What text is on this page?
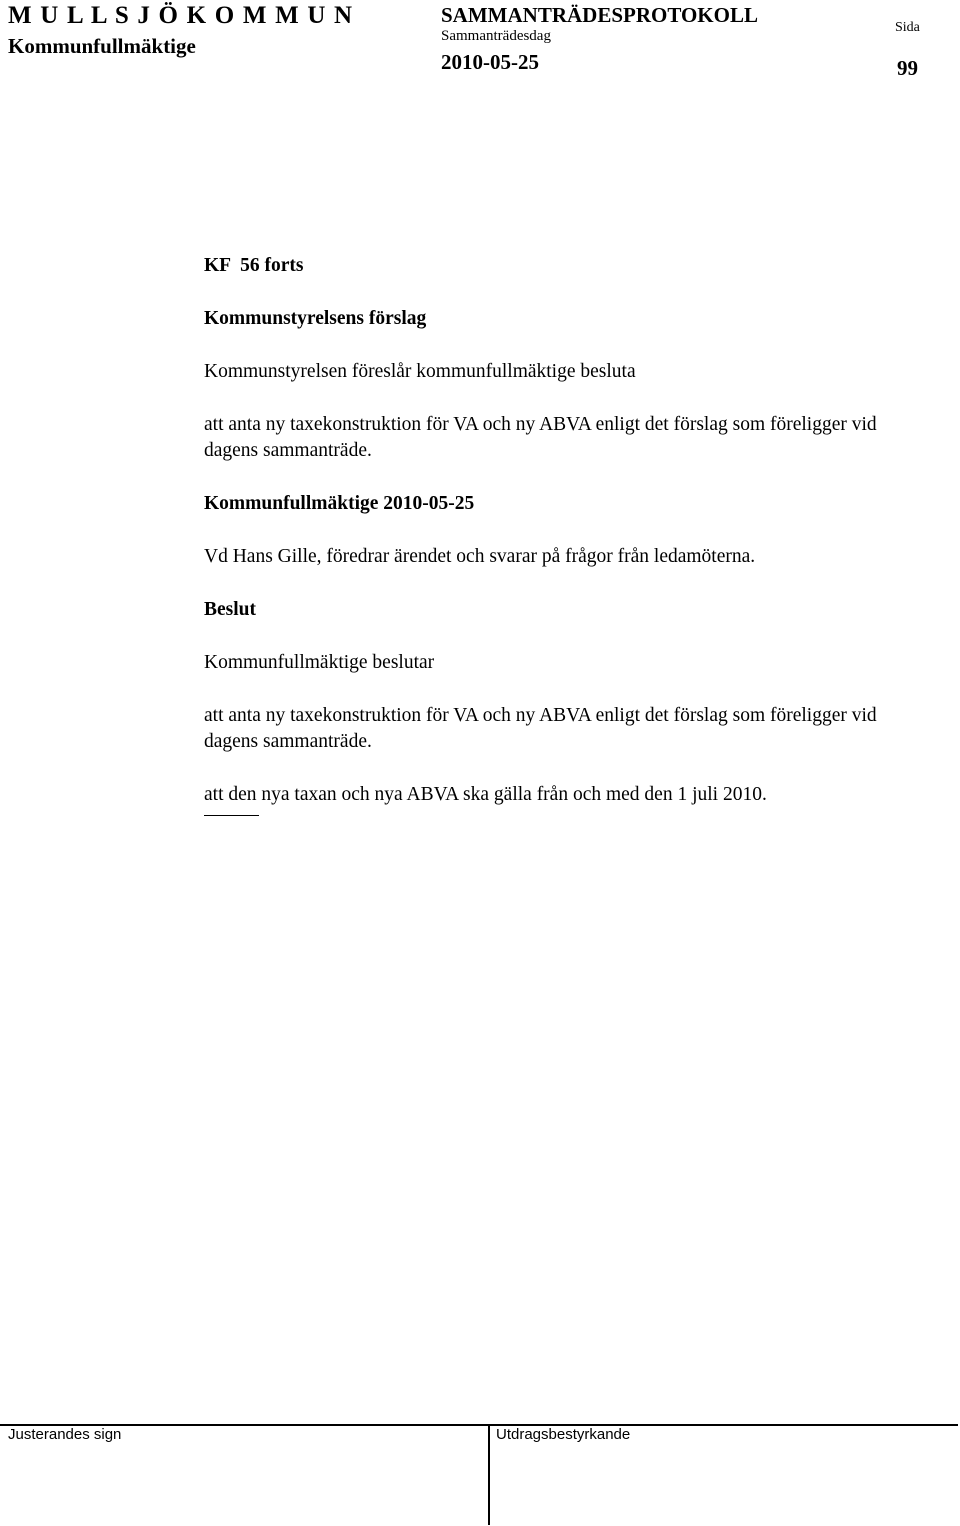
M U L L S J Ö K O M M U N
Kommunfullmäktige
SAMMANTRÄDESPROTOKOLL
Sammanträdesdag
2010-05-25
Sida
99

KF  56 forts

Kommunstyrelsens förslag

Kommunstyrelsen föreslår kommunfullmäktige besluta

att anta ny taxekonstruktion för VA och ny ABVA enligt det förslag som föreligger vid dagens sammanträde.

Kommunfullmäktige 2010-05-25

Vd Hans Gille, föredrar ärendet och svarar på frågor från ledamöterna.

Beslut

Kommunfullmäktige beslutar

att anta ny taxekonstruktion för VA och ny ABVA enligt det förslag som föreligger vid dagens sammanträde.

att den nya taxan och nya ABVA ska gälla från och med den 1 juli 2010.

Justerandes sign	Utdragsbestyrkande
